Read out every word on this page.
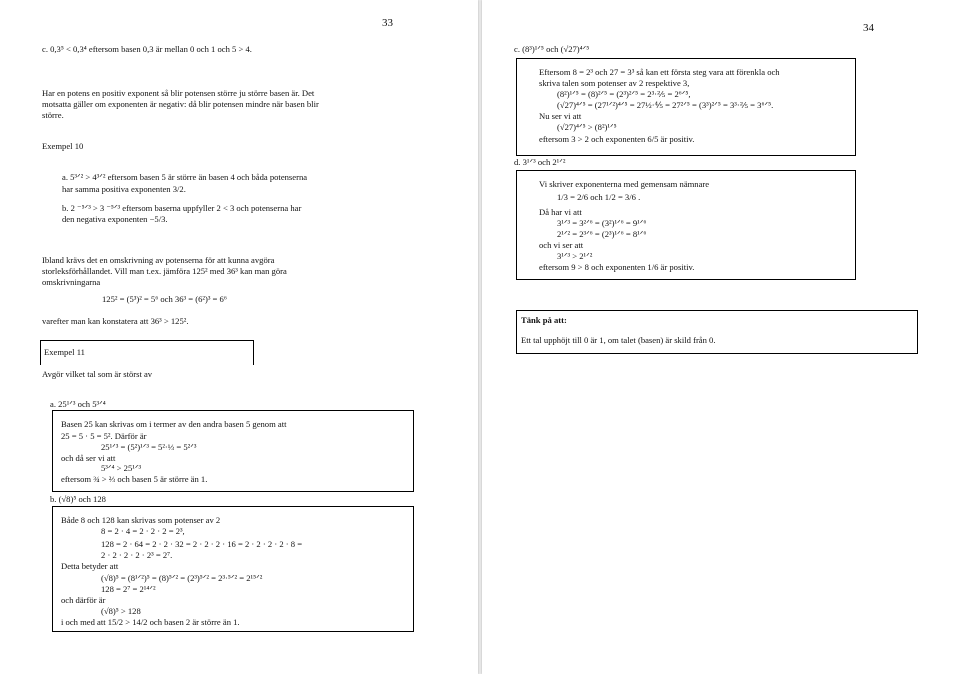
33
c. 0,3⁵ < 0,3⁴ eftersom basen 0,3 är mellan 0 och 1 och 5 > 4.
Har en potens en positiv exponent så blir potensen större ju större basen är. Det motsatta gäller om exponenten är negativ: då blir potensen mindre när basen blir större.
Exempel 10
a. 5³ᐟ² > 4³ᐟ² eftersom basen 5 är större än basen 4 och båda potenserna
har samma positiva exponenten 3/2.
b. 2 ⁻⁵ᐟ³ > 3 ⁻⁵ᐟ³ eftersom baserna uppfyller 2 < 3 och potenserna har
den negativa exponenten −5/3.
Ibland krävs det en omskrivning av potenserna för att kunna avgöra storleksförhållandet. Vill man t.ex. jämföra 125² med 36³ kan man göra omskrivningarna
125² = (5³)² = 5⁶ och 36³ = (6²)³ = 6⁶
varefter man kan konstatera att 36³ > 125².
Exempel 11
Avgör vilket tal som är störst av
a. 25¹ᐟ³ och 5³ᐟ⁴
Basen 25 kan skrivas om i termer av den andra basen 5 genom att
25 = 5 · 5 = 5². Därför är
25¹ᐟ³ = (5²)¹ᐟ³ = 5²·⅓ = 5²ᐟ³
och då ser vi att
5³ᐟ⁴ > 25¹ᐟ³
eftersom ¾ > ⅔ och basen 5 är större än 1.
b. (√8)⁵ och 128
Både 8 och 128 kan skrivas som potenser av 2
8 = 2 · 4 = 2 · 2 · 2 = 2³,
128 = 2 · 64 = 2 · 2 · 32 = 2 · 2 · 2 · 16 = 2 · 2 · 2 · 2 · 8 =
2 · 2 · 2 · 2 · 2³ = 2⁷.
Detta betyder att
(√8)⁵ = (8¹ᐟ²)⁵ = (8)⁵ᐟ² = (2³)⁵ᐟ² = 2³·⁵ᐟ² = 2¹⁵ᐟ²
128 = 2⁷ = 2¹⁴ᐟ²
och därför är
(√8)⁵ > 128
i och med att 15/2 > 14/2 och basen 2 är större än 1.
34
c. (8³)¹ᐟ⁵ och (√27)⁴ᐟ⁵
Eftersom 8 = 2³ och 27 = 3³ så kan ett första steg vara att förenkla och
skriva talen som potenser av 2 respektive 3,
(8²)¹ᐟ⁵ = (8)²ᐟ⁵ = (2³)²ᐟ⁵ = 2³·⅖ = 2⁶ᐟ⁵,
(√27)⁴ᐟ⁵ = (27¹ᐟ²)⁴ᐟ⁵ = 27½·⅘ = 27²ᐟ⁵ = (3³)²ᐟ⁵ = 3³·⅖ = 3⁶ᐟ⁵.
Nu ser vi att
(√27)⁴ᐟ⁵ > (8²)¹ᐟ⁵
eftersom 3 > 2 och exponenten 6/5 är positiv.
d. 3¹ᐟ³ och 2¹ᐟ²
Vi skriver exponenterna med gemensam nämnare
1/3 = 2/6 och 1/2 = 3/6 .
Då har vi att
3¹ᐟ³ = 3²ᐟ⁶ = (3²)¹ᐟ⁶ = 9¹ᐟ⁶
2¹ᐟ² = 2³ᐟ⁶ = (2³)¹ᐟ⁶ = 8¹ᐟ⁶
och vi ser att
3¹ᐟ³ > 2¹ᐟ²
eftersom 9 > 8 och exponenten 1/6 är positiv.
Tänk på att:
Ett tal upphöjt till 0 är 1, om talet (basen) är skild från 0.
